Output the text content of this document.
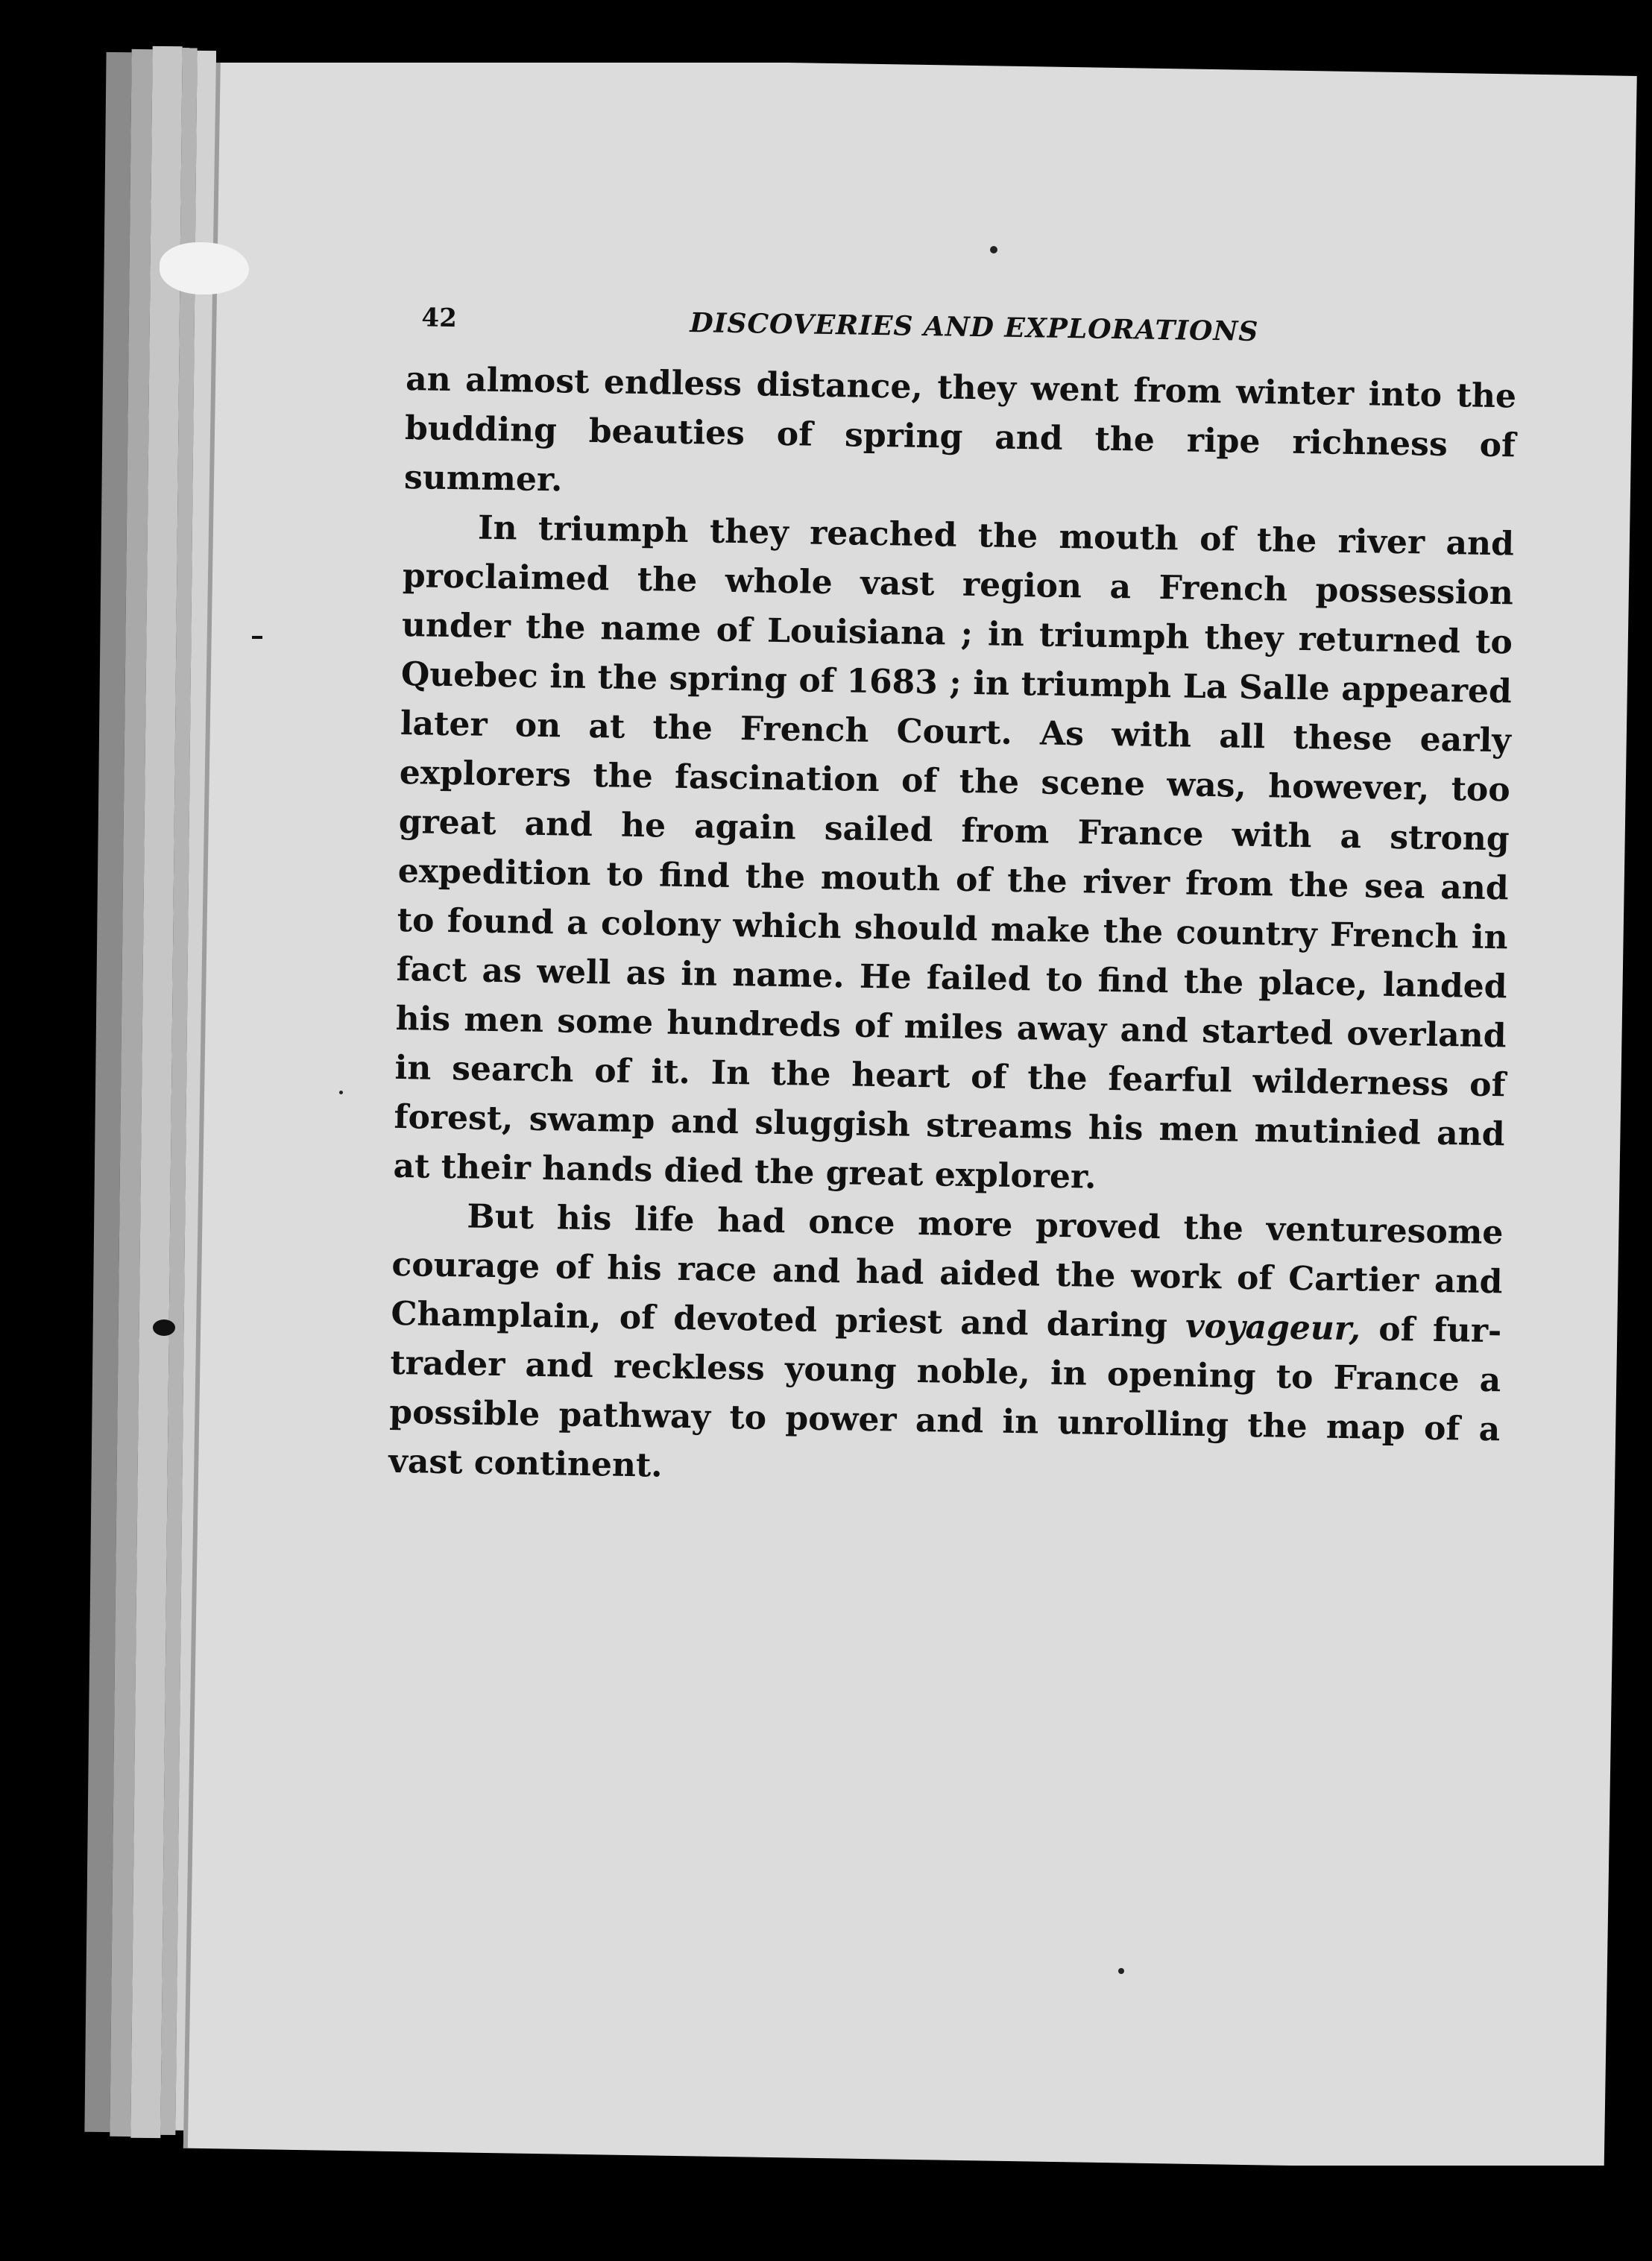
42	DISCOVERIES AND EXPLORATIONS

an almost endless distance, they went from winter into the budding beauties of spring and the ripe richness of summer.

In triumph they reached the mouth of the river and proclaimed the whole vast region a French possession under the name of Louisiana ; in triumph they returned to Quebec in the spring of 1683 ; in triumph La Salle appeared later on at the French Court. As with all these early explorers the fascination of the scene was, however, too great and he again sailed from France with a strong expedition to find the mouth of the river from the sea and to found a colony which should make the country French in fact as well as in name. He failed to find the place, landed his men some hundreds of miles away and started overland in search of it. In the heart of the fearful wilderness of forest, swamp and sluggish streams his men mutinied and at their hands died the great explorer.

But his life had once more proved the venturesome courage of his race and had aided the work of Cartier and Champlain, of devoted priest and daring voyageur, of fur-trader and reckless young noble, in opening to France a possible pathway to power and in unrolling the map of a vast continent.
